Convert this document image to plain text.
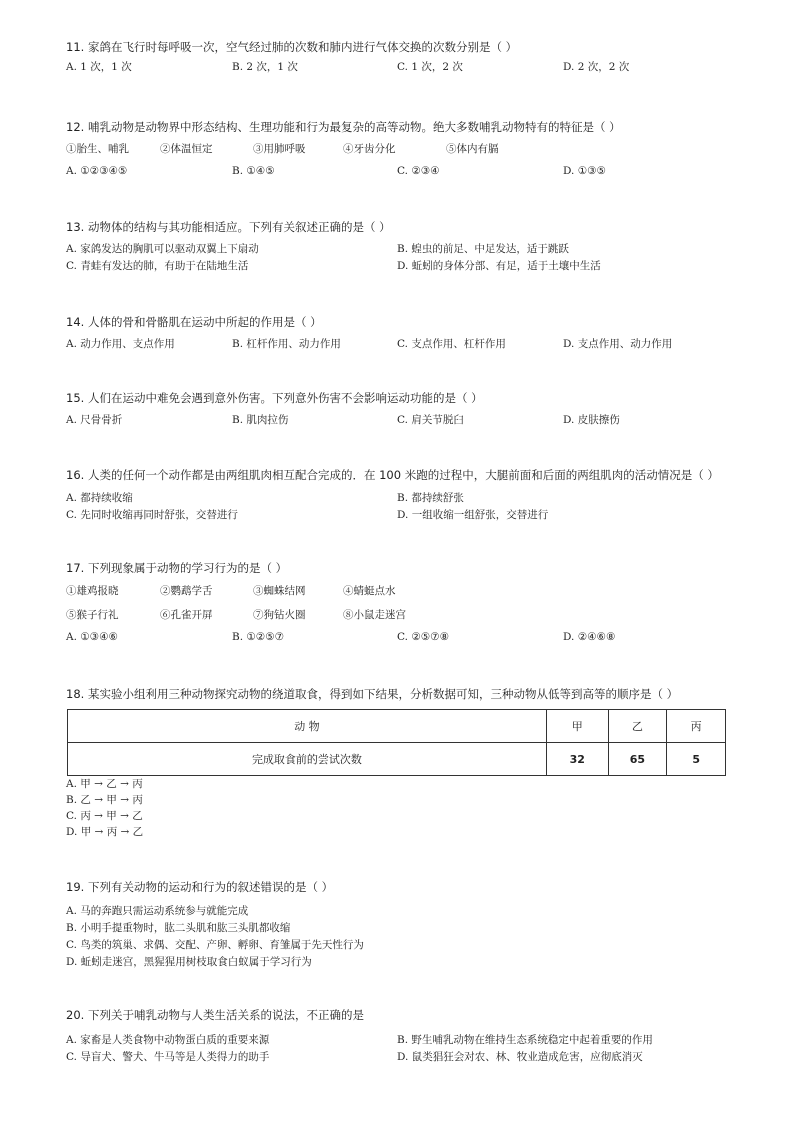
11. 家鸽在飞行时每呼吸一次，空气经过肺的次数和肺内进行气体交换的次数分别是（ ）
A. 1 次，1 次	B. 2 次，1 次	C. 1 次，2 次	D. 2 次，2 次
12. 哺乳动物是动物界中形态结构、生理功能和行为最复杂的高等动物。绝大多数哺乳动物特有的特征是（ ）
①胎生、哺乳	②体温恒定	③用肺呼吸	④牙齿分化	⑤体内有膈
A. ①②③④⑤	B. ①④⑤	C. ②③④	D. ①③⑤
13. 动物体的结构与其功能相适应。下列有关叙述正确的是（ ）
A. 家鸽发达的胸肌可以驱动双翼上下扇动	B. 蝗虫的前足、中足发达，适于跳跃
C. 青蛙有发达的肺，有助于在陆地生活	D. 蚯蚓的身体分部、有足，适于土壤中生活
14. 人体的骨和骨骼肌在运动中所起的作用是（ ）
A. 动力作用、支点作用	B. 杠杆作用、动力作用	C. 支点作用、杠杆作用	D. 支点作用、动力作用
15. 人们在运动中难免会遇到意外伤害。下列意外伤害不会影响运动功能的是（ ）
A. 尺骨骨折	B. 肌肉拉伤	C. 肩关节脱臼	D. 皮肤擦伤
16. 人类的任何一个动作都是由两组肌肉相互配合完成的．在 100 米跑的过程中，大腿前面和后面的两组肌肉的活动情况是（ ）
A. 都持续收缩	B. 都持续舒张
C. 先同时收缩再同时舒张，交替进行	D. 一组收缩一组舒张，交替进行
17. 下列现象属于动物的学习行为的是（ ）
①雄鸡报晓	②鹦鹉学舌	③蜘蛛结网	④蜻蜓点水
⑤猴子行礼	⑥孔雀开屏	⑦狗钻火圈	⑧小鼠走迷宫
A. ①③④⑥	B. ①②⑤⑦	C. ②⑤⑦⑧	D. ②④⑥⑧
18. 某实验小组利用三种动物探究动物的绕道取食，得到如下结果，分析数据可知，三种动物从低等到高等的顺序是（ ）
动 物	甲	乙	丙
完成取食前的尝试次数	32	65	5
A. 甲 → 乙 → 丙
B. 乙 → 甲 → 丙
C. 丙 → 甲 → 乙
D. 甲 → 丙 → 乙
19. 下列有关动物的运动和行为的叙述错误的是（ ）
A. 马的奔跑只需运动系统参与就能完成
B. 小明手提重物时，肱二头肌和肱三头肌都收缩
C. 鸟类的筑巢、求偶、交配、产卵、孵卵、育雏属于先天性行为
D. 蚯蚓走迷宫，黑猩猩用树枝取食白蚁属于学习行为
20. 下列关于哺乳动物与人类生活关系的说法，不正确的是
A. 家畜是人类食物中动物蛋白质的重要来源	B. 野生哺乳动物在维持生态系统稳定中起着重要的作用
C. 导盲犬、警犬、牛马等是人类得力的助手	D. 鼠类猖狂会对农、林、牧业造成危害，应彻底消灭
